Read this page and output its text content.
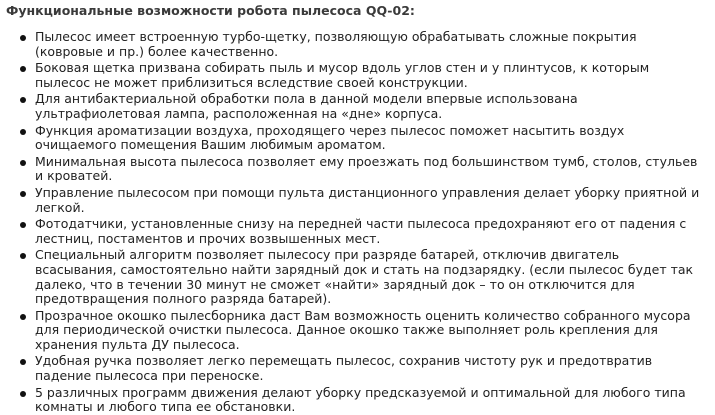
Функциональные возможности робота пылесоса QQ-02:
Пылесос имеет встроенную турбо-щетку, позволяющую обрабатывать сложные покрытия (ковровые и пр.) более качественно.
Боковая щетка призвана собирать пыль и мусор вдоль углов стен и у плинтусов, к которым пылесос не может приблизиться вследствие своей конструкции.
Для антибактериальной обработки пола в данной модели впервые использована ультрафиолетовая лампа, расположенная на «дне» корпуса.
Функция ароматизации воздуха, проходящего через пылесос поможет насытить воздух очищаемого помещения Вашим любимым ароматом.
Минимальная высота пылесоса позволяет ему проезжать под большинством тумб, столов, стульев и кроватей.
Управление пылесосом при помощи пульта дистанционного управления делает уборку приятной и легкой.
Фотодатчики, установленные снизу на передней части пылесоса предохраняют его от падения с лестниц, постаментов и прочих возвышенных мест.
Специальный алгоритм позволяет пылесосу при разряде батарей, отключив двигатель всасывания, самостоятельно найти зарядный док и стать на подзарядку. (если пылесос будет так далеко, что в течении 30 минут не сможет «найти» зарядный док – то он отключится для предотвращения полного разряда батарей).
Прозрачное окошко пылесборника даст Вам возможность оценить количество собранного мусора для периодической очистки пылесоса. Данное окошко также выполняет роль крепления для хранения пульта ДУ пылесоса.
Удобная ручка позволяет легко перемещать пылесос, сохранив чистоту рук и предотвратив падение пылесоса при переноске.
5 различных программ движения делают уборку предсказуемой и оптимальной для любого типа комнаты и любого типа ее обстановки.
